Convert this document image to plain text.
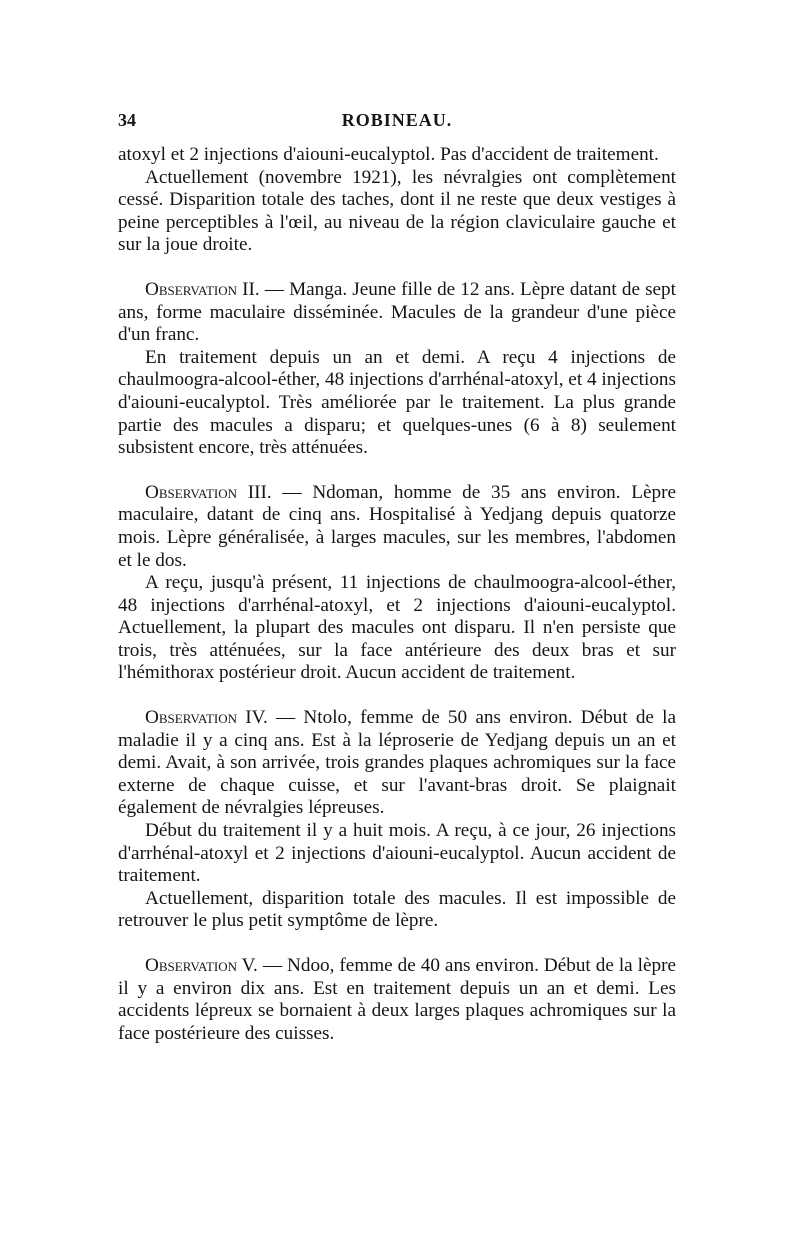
34	ROBINEAU.

atoxyl et 2 injections d'aiouni-eucalyptol. Pas d'accident de traitement.

Actuellement (novembre 1921), les névralgies ont complètement cessé. Disparition totale des taches, dont il ne reste que deux vestiges à peine perceptibles à l'œil, au niveau de la région claviculaire gauche et sur la joue droite.

Observation II. — Manga. Jeune fille de 12 ans. Lèpre datant de sept ans, forme maculaire disséminée. Macules de la grandeur d'une pièce d'un franc.

En traitement depuis un an et demi. A reçu 4 injections de chaulmoogra-alcool-éther, 48 injections d'arrhénal-atoxyl, et 4 injections d'aiouni-eucalyptol. Très améliorée par le traitement. La plus grande partie des macules a disparu; et quelques-unes (6 à 8) seulement subsistent encore, très atténuées.

Observation III. — Ndoman, homme de 35 ans environ. Lèpre maculaire, datant de cinq ans. Hospitalisé à Yedjang depuis quatorze mois. Lèpre généralisée, à larges macules, sur les membres, l'abdomen et le dos.

A reçu, jusqu'à présent, 11 injections de chaulmoogra-alcool-éther, 48 injections d'arrhénal-atoxyl, et 2 injections d'aiouni-eucalyptol. Actuellement, la plupart des macules ont disparu. Il n'en persiste que trois, très atténuées, sur la face antérieure des deux bras et sur l'hémithorax postérieur droit. Aucun accident de traitement.

Observation IV. — Ntolo, femme de 50 ans environ. Début de la maladie il y a cinq ans. Est à la léproserie de Yedjang depuis un an et demi. Avait, à son arrivée, trois grandes plaques achromiques sur la face externe de chaque cuisse, et sur l'avant-bras droit. Se plaignait également de névralgies lépreuses.

Début du traitement il y a huit mois. A reçu, à ce jour, 26 injections d'arrhénal-atoxyl et 2 injections d'aiouni-eucalyptol. Aucun accident de traitement.

Actuellement, disparition totale des macules. Il est impossible de retrouver le plus petit symptôme de lèpre.

Observation V. — Ndoo, femme de 40 ans environ. Début de la lèpre il y a environ dix ans. Est en traitement depuis un an et demi. Les accidents lépreux se bornaient à deux larges plaques achromiques sur la face postérieure des cuisses.
